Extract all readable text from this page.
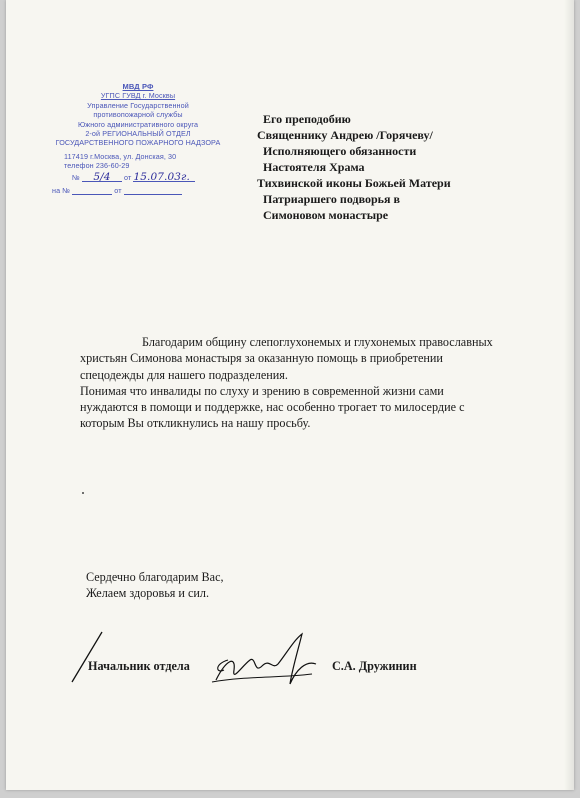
МВД РФ
УГПС ГУВД г. Москвы
Управление Государственной
противопожарной службы
Южного административного округа
2-ой РЕГИОНАЛЬНЫЙ ОТДЕЛ
ГОСУДАРСТВЕННОГО ПОЖАРНОГО НАДЗОРА
117419 г.Москва, ул. Донская, 30
телефон 236-60-29
№ 5/4 от 15.07.03г.
на №	от
Его преподобию
Священнику Андрею /Горячеву/
Исполняющего обязанности
Настоятеля Храма
Тихвинской иконы Божьей Матери
Патриаршего подворья в
Симоновом монастыре
Благодарим общину слепоглухонемых и глухонемых православных христьян Симонова монастыря за оказанную помощь в приобретении спецодежды для нашего подразделения.
Понимая что инвалиды по слуху и зрению в современной жизни сами нуждаются в помощи и поддержке, нас особенно трогает то милосердие с которым Вы откликнулись на нашу просьбу.
Сердечно благодарим Вас,
Желаем здоровья и сил.
Начальник отдела	С.А. Дружинин
